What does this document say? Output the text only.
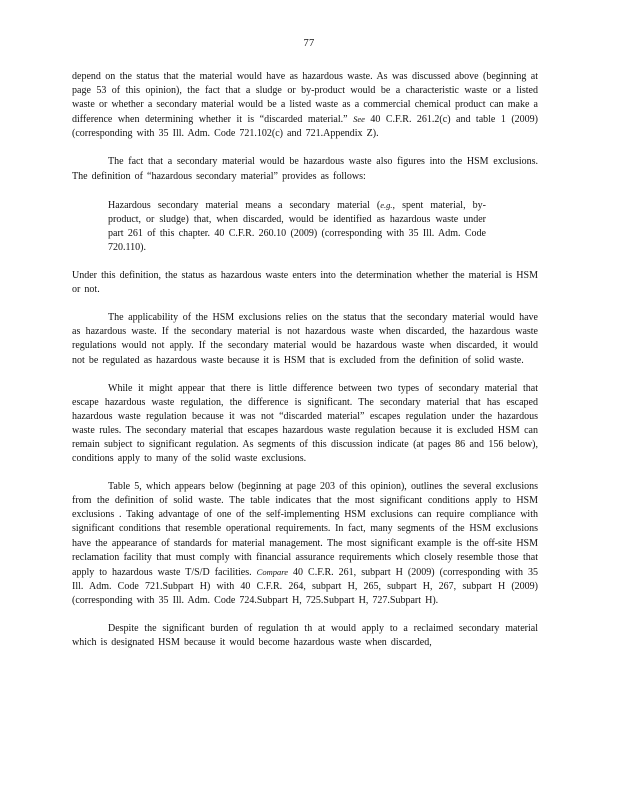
77

depend on the status that the material would have as hazardous waste. As was discussed above (beginning at page 53 of this opinion), the fact that a sludge or by-product would be a characteristic waste or a listed waste or whether a secondary material would be a listed waste as a commercial chemical product can make a difference when determining whether it is “discarded material.” See 40 C.F.R. 261.2(c) and table 1 (2009) (corresponding with 35 Ill. Adm. Code 721.102(c) and 721.Appendix Z).

The fact that a secondary material would be hazardous waste also figures into the HSM exclusions. The definition of “hazardous secondary material” provides as follows:

Hazardous secondary material means a secondary material (e.g., spent material, by-product, or sludge) that, when discarded, would be identified as hazardous waste under part 261 of this chapter. 40 C.F.R. 260.10 (2009) (corresponding with 35 Ill. Adm. Code 720.110).

Under this definition, the status as hazardous waste enters into the determination whether the material is HSM or not.

The applicability of the HSM exclusions relies on the status that the secondary material would have as hazardous waste. If the secondary material is not hazardous waste when discarded, the hazardous waste regulations would not apply. If the secondary material would be hazardous waste when discarded, it would not be regulated as hazardous waste because it is HSM that is excluded from the definition of solid waste.

While it might appear that there is little difference between two types of secondary material that escape hazardous waste regulation, the difference is significant. The secondary material that has escaped hazardous waste regulation because it was not “discarded material” escapes regulation under the hazardous waste rules. The secondary material that escapes hazardous waste regulation because it is excluded HSM can remain subject to significant regulation. As segments of this discussion indicate (at pages 86 and 156 below), conditions apply to many of the solid waste exclusions.

Table 5, which appears below (beginning at page 203 of this opinion), outlines the several exclusions from the definition of solid waste. The table indicates that the most significant conditions apply to HSM exclusions . Taking advantage of one of the self-implementing HSM exclusions can require compliance with significant conditions that resemble operational requirements. In fact, many segments of the HSM exclusions have the appearance of standards for material management. The most significant example is the off-site HSM reclamation facility that must comply with financial assurance requirements which closely resemble those that apply to hazardous waste T/S/D facilities. Compare 40 C.F.R. 261, subpart H (2009) (corresponding with 35 Ill. Adm. Code 721.Subpart H) with 40 C.F.R. 264, subpart H, 265, subpart H, 267, subpart H (2009) (corresponding with 35 Ill. Adm. Code 724.Subpart H, 725.Subpart H, 727.Subpart H).

Despite the significant burden of regulation th at would apply to a reclaimed secondary material which is designated HSM because it would become hazardous waste when discarded,
